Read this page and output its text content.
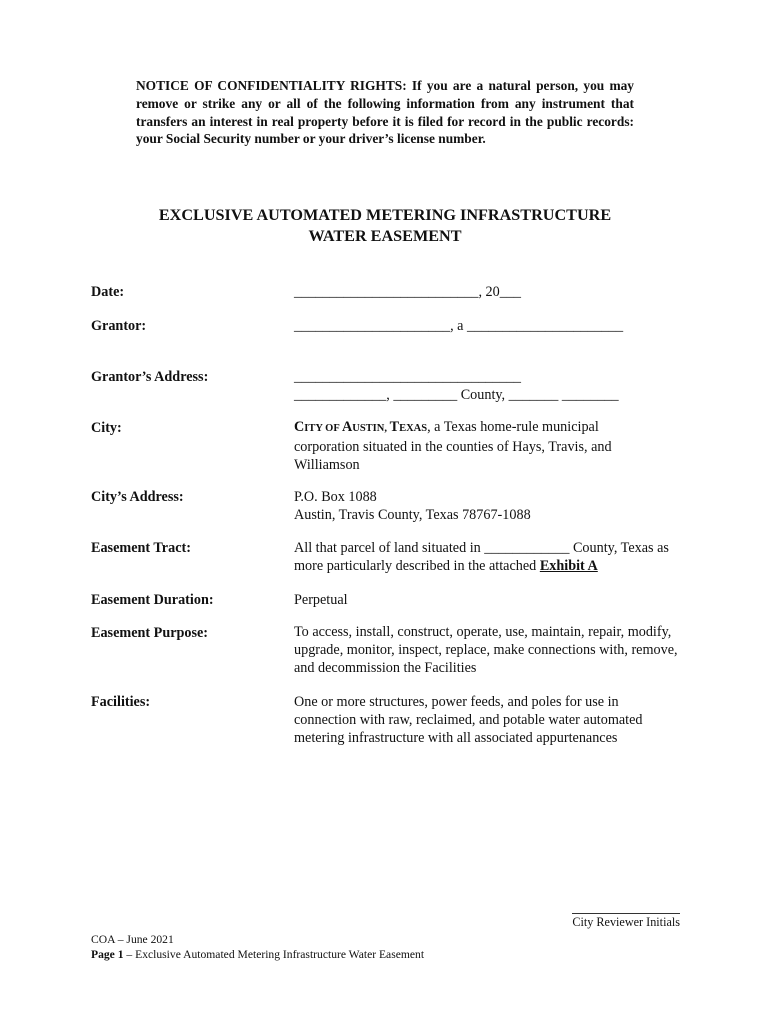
NOTICE OF CONFIDENTIALITY RIGHTS: If you are a natural person, you may remove or strike any or all of the following information from any instrument that transfers an interest in real property before it is filed for record in the public records: your Social Security number or your driver’s license number.
EXCLUSIVE AUTOMATED METERING INFRASTRUCTURE
WATER EASEMENT
Date:	__________________________, 20___
Grantor:	______________________, a ______________________
Grantor’s Address:	________________________________
_____________, _________ County, _______ ________
City:	CITY OF AUSTIN, TEXAS, a Texas home-rule municipal corporation situated in the counties of Hays, Travis, and Williamson
City’s Address:	P.O. Box 1088
Austin, Travis County, Texas 78767-1088
Easement Tract:	All that parcel of land situated in ____________ County, Texas as more particularly described in the attached Exhibit A
Easement Duration:	Perpetual
Easement Purpose:	To access, install, construct, operate, use, maintain, repair, modify, upgrade, monitor, inspect, replace, make connections with, remove, and decommission the Facilities
Facilities:	One or more structures, power feeds, and poles for use in connection with raw, reclaimed, and potable water automated metering infrastructure with all associated appurtenances
City Reviewer Initials
COA – June 2021
Page 1 – Exclusive Automated Metering Infrastructure Water Easement
